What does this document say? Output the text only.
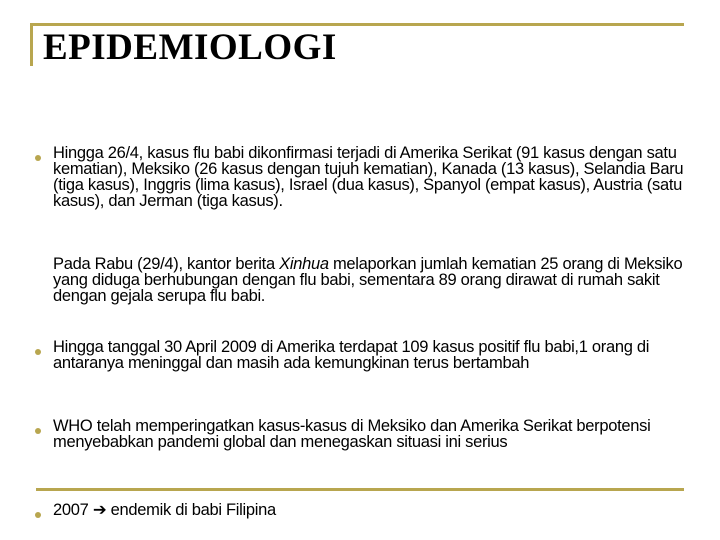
EPIDEMIOLOGI
Hingga 26/4, kasus flu babi dikonfirmasi terjadi di Amerika Serikat (91 kasus dengan satu kematian), Meksiko (26 kasus dengan tujuh kematian), Kanada (13 kasus), Selandia Baru (tiga kasus), Inggris (lima kasus), Israel (dua kasus), Spanyol (empat kasus), Austria (satu kasus), dan Jerman (tiga kasus).
Pada Rabu (29/4), kantor berita Xinhua melaporkan jumlah kematian 25 orang di Meksiko yang diduga berhubungan dengan flu babi, sementara 89 orang dirawat di rumah sakit dengan gejala serupa flu babi.
Hingga tanggal 30 April 2009 di Amerika terdapat 109 kasus positif flu babi,1 orang di antaranya meninggal dan masih ada kemungkinan terus bertambah
WHO telah memperingatkan kasus-kasus di Meksiko dan Amerika Serikat berpotensi menyebabkan pandemi global dan menegaskan situasi ini serius
2007 ➔ endemik di babi Filipina
